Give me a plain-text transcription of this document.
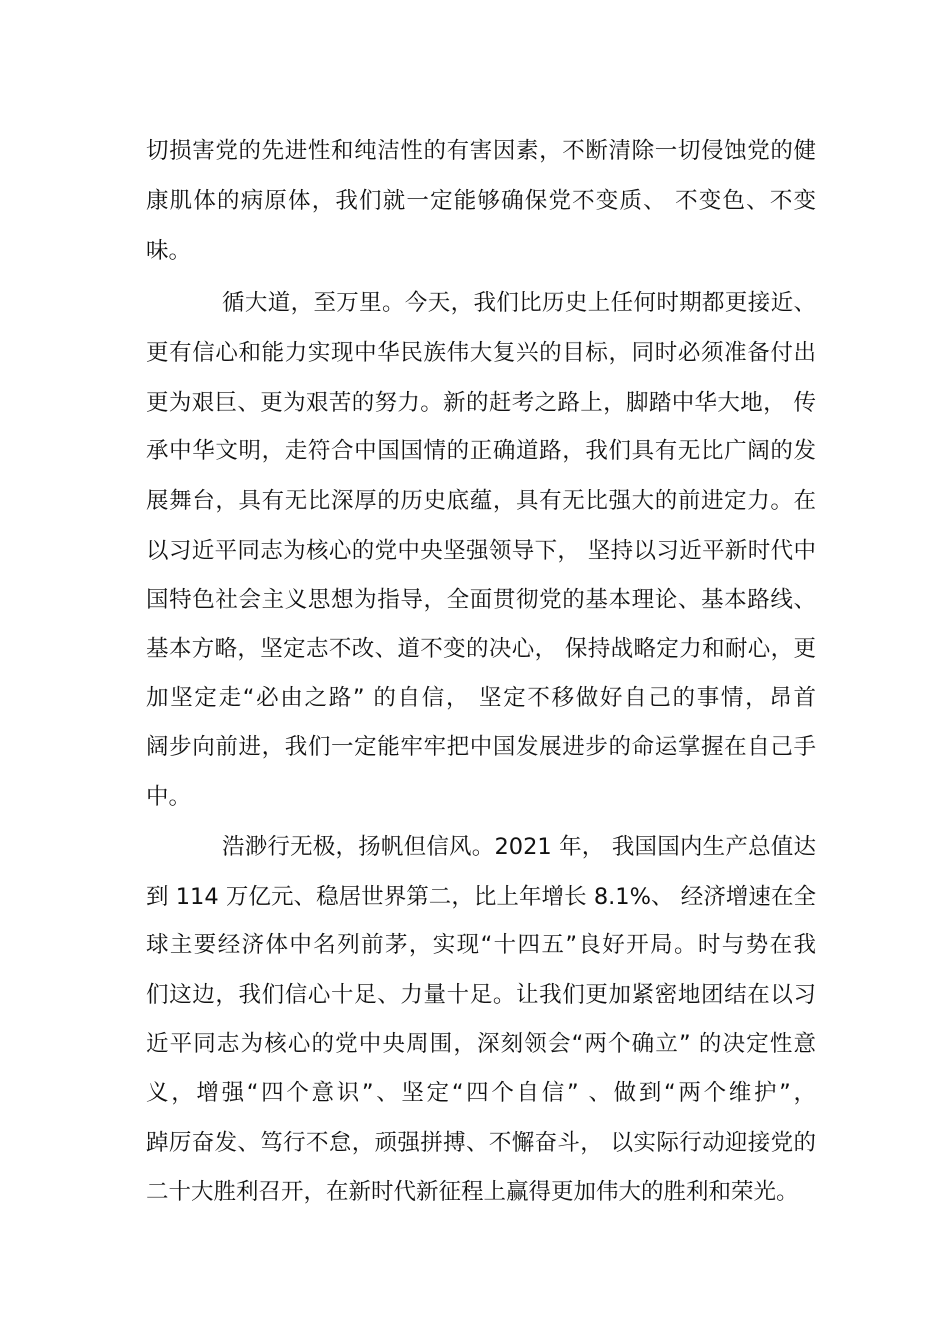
切损害党的先进性和纯洁性的有害因素，不断清除一切侵蚀党的健
康肌体的病原体，我们就一定能够确保党不变质、 不变色、不变
味。
循大道，至万里。今天，我们比历史上任何时期都更接近、
更有信心和能力实现中华民族伟大复兴的目标，同时必须准备付出
更为艰巨、更为艰苦的努力。新的赶考之路上，脚踏中华大地， 传
承中华文明，走符合中国国情的正确道路，我们具有无比广阔的发
展舞台，具有无比深厚的历史底蕴，具有无比强大的前进定力。在
以习近平同志为核心的党中央坚强领导下， 坚持以习近平新时代中
国特色社会主义思想为指导，全面贯彻党的基本理论、基本路线、
基本方略，坚定志不改、道不变的决心， 保持战略定力和耐心，更
加坚定走“必由之路” 的自信， 坚定不移做好自己的事情，昂首
阔步向前进，我们一定能牢牢把中国发展进步的命运掌握在自己手
中。
浩渺行无极，扬帆但信风。2021 年， 我国国内生产总值达
到 114 万亿元、稳居世界第二，比上年增长 8.1%、 经济增速在全
球主要经济体中名列前茅，实现“十四五”良好开局。时与势在我
们这边，我们信心十足、力量十足。让我们更加紧密地团结在以习
近平同志为核心的党中央周围，深刻领会“两个确立” 的决定性意
义，增强“四个意识”、坚定“四个自信” 、做到“两个维护”，
踔厉奋发、笃行不怠，顽强拼搏、不懈奋斗， 以实际行动迎接党的
二十大胜利召开，在新时代新征程上赢得更加伟大的胜利和荣光。
